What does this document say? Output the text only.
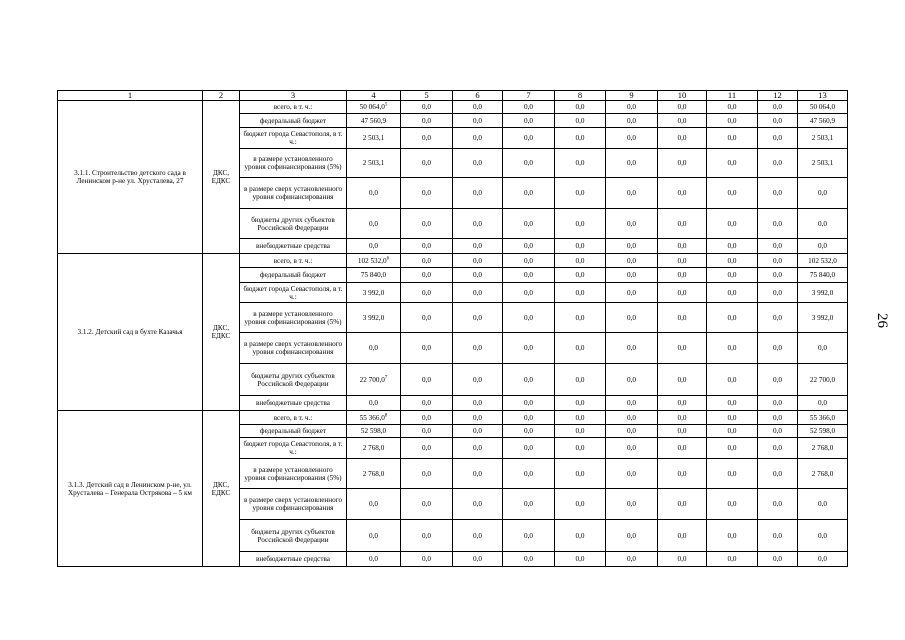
1	2	3	4	5	6	7	8	9	10	11	12	13
3.1.1. Строительство детского сада в Ленинском р-не ул. Хрусталева, 27	ДКС, ЕДКС	всего, в т. ч.:	50 064,0$^5$	0,0	0,0	0,0	0,0	0,0	0,0	0,0	0,0	50 064,0
		федеральный бюджет	47 560,9	0,0	0,0	0,0	0,0	0,0	0,0	0,0	0,0	47 560,9
		бюджет города Севастополя, в т. ч.:	2 503,1	0,0	0,0	0,0	0,0	0,0	0,0	0,0	0,0	2 503,1
		в размере установленного уровня софинансирования (5%)	2 503,1	0,0	0,0	0,0	0,0	0,0	0,0	0,0	0,0	2 503,1
		в размере сверх установленного уровня софинансирования	0,0	0,0	0,0	0,0	0,0	0,0	0,0	0,0	0,0	0,0
		бюджеты других субъектов Российской Федерации	0,0	0,0	0,0	0,0	0,0	0,0	0,0	0,0	0,0	0,0
		внебюджетные средства	0,0	0,0	0,0	0,0	0,0	0,0	0,0	0,0	0,0	0,0
3.1.2. Детский сад в бухте Казачья	ДКС, ЕДКС	всего, в т. ч.:	102 532,0$^6$	0,0	0,0	0,0	0,0	0,0	0,0	0,0	0,0	102 532,0
		федеральный бюджет	75 840,0	0,0	0,0	0,0	0,0	0,0	0,0	0,0	0,0	75 840,0
		бюджет города Севастополя, в т. ч.:	3 992,0	0,0	0,0	0,0	0,0	0,0	0,0	0,0	0,0	3 992,0
		в размере установленного уровня софинансирования (5%)	3 992,0	0,0	0,0	0,0	0,0	0,0	0,0	0,0	0,0	3 992,0
		в размере сверх установленного уровня софинансирования	0,0	0,0	0,0	0,0	0,0	0,0	0,0	0,0	0,0	0,0
		бюджеты других субъектов Российской Федерации	22 700,0$^7$	0,0	0,0	0,0	0,0	0,0	0,0	0,0	0,0	22 700,0
		внебюджетные средства	0,0	0,0	0,0	0,0	0,0	0,0	0,0	0,0	0,0	0,0
3.1.3. Детский сад в Ленинском р-не, ул. Хрусталева – Генерала Острякова – 5 км	ДКС, ЕДКС	всего, в т. ч.:	55 366,0$^8$	0,0	0,0	0,0	0,0	0,0	0,0	0,0	0,0	55 366,0
		федеральный бюджет	52 598,0	0,0	0,0	0,0	0,0	0,0	0,0	0,0	0,0	52 598,0
		бюджет города Севастополя, в т. ч.:	2 768,0	0,0	0,0	0,0	0,0	0,0	0,0	0,0	0,0	2 768,0
		в размере установленного уровня софинансирования (5%)	2 768,0	0,0	0,0	0,0	0,0	0,0	0,0	0,0	0,0	2 768,0
		в размере сверх установленного уровня софинансирования	0,0	0,0	0,0	0,0	0,0	0,0	0,0	0,0	0,0	0,0
		бюджеты других субъектов Российской Федерации	0,0	0,0	0,0	0,0	0,0	0,0	0,0	0,0	0,0	0,0
		внебюджетные средства	0,0	0,0	0,0	0,0	0,0	0,0	0,0	0,0	0,0	0,0
26
